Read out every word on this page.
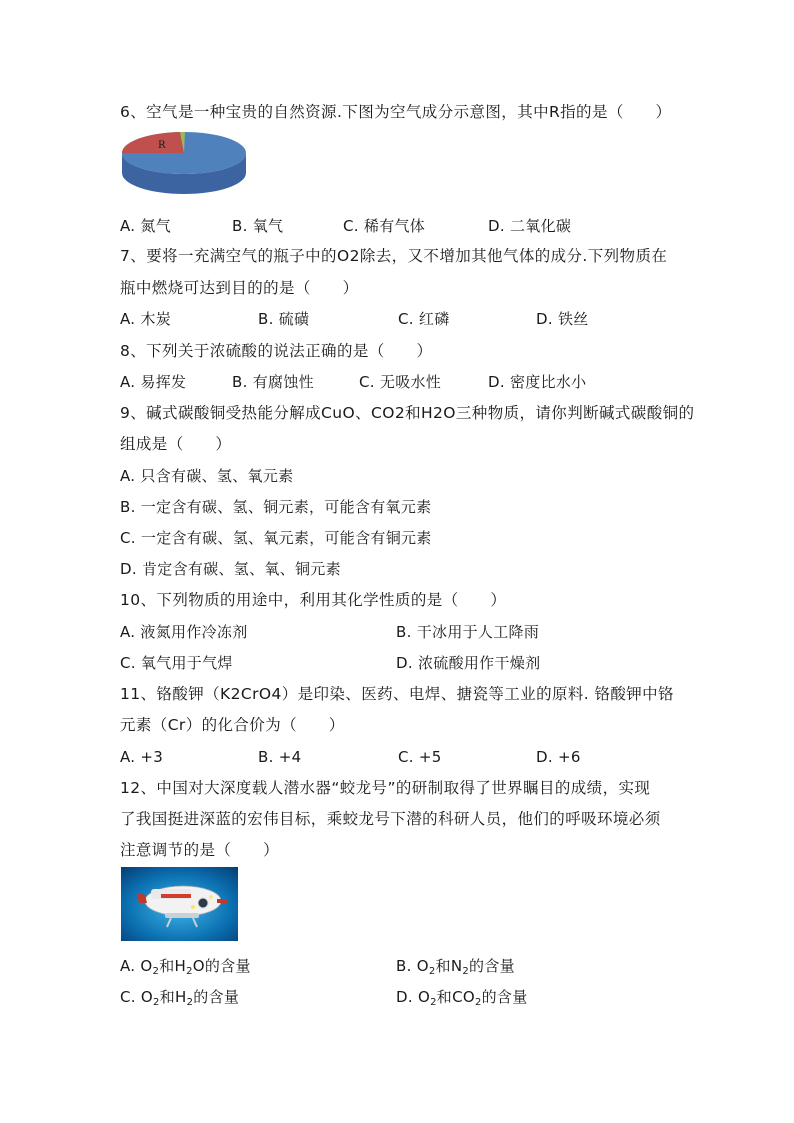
6、空气是一种宝贵的自然资源.下图为空气成分示意图，其中R指的是（　　）
R
A. 氮气	B. 氧气	C. 稀有气体	D. 二氧化碳
7、要将一充满空气的瓶子中的O2除去，又不增加其他气体的成分.下列物质在
瓶中燃烧可达到目的的是（　　）
A. 木炭	B. 硫磺	C. 红磷	D. 铁丝
8、下列关于浓硫酸的说法正确的是（　　）
A. 易挥发	B. 有腐蚀性	C. 无吸水性	D. 密度比水小
9、碱式碳酸铜受热能分解成CuO、CO2和H2O三种物质，请你判断碱式碳酸铜的
组成是（　　）
A. 只含有碳、氢、氧元素
B. 一定含有碳、氢、铜元素，可能含有氧元素
C. 一定含有碳、氢、氧元素，可能含有铜元素
D. 肯定含有碳、氢、氧、铜元素
10、下列物质的用途中，利用其化学性质的是（　　）
A. 液氮用作冷冻剂	B. 干冰用于人工降雨
C. 氧气用于气焊	D. 浓硫酸用作干燥剂
11、铬酸钾（K2CrO4）是印染、医药、电焊、搪瓷等工业的原料. 铬酸钾中铬
元素（Cr）的化合价为（　　）
A. +3	B. +4	C. +5	D. +6
12、中国对大深度载人潜水器“蛟龙号”的研制取得了世界瞩目的成绩，实现
了我国挺进深蓝的宏伟目标，乘蛟龙号下潜的科研人员，他们的呼吸环境必须
注意调节的是（　　）
A. $O_2$和$H_2O$的含量	B. $O_2$和$N_2$的含量
C. $O_2$和$H_2$的含量	D. $O_2$和$CO_2$的含量
